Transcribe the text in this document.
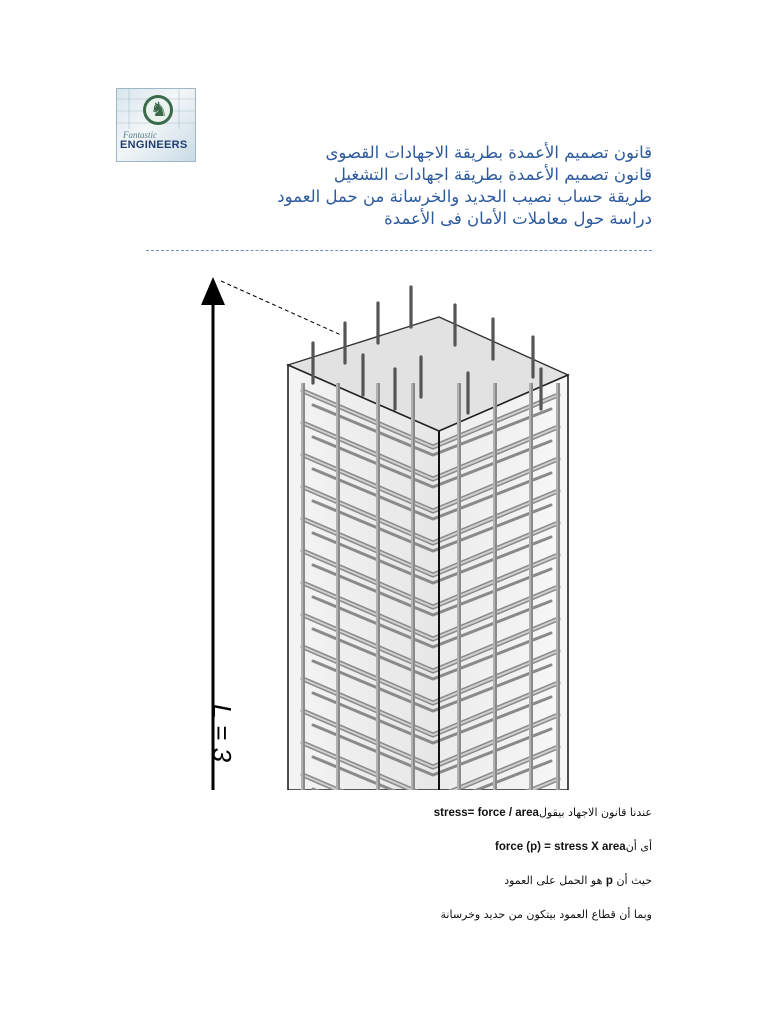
♞
Fantastic
ENGINEERS	قانون تصميم الأعمدة بطريقة الاجهادات القصوى
قانون تصميم الأعمدة بطريقة اجهادات التشغيل
طريقة حساب نصيب الحديد والخرسانة من حمل العمود
دراسة حول معاملات الأمان فى الأعمدة
L = 3
عندنا قانون الاجهاد بيقولstress= force / area
أى أنforce (p) = stress X area
حيث أن p هو الحمل على العمود
وبما أن قطاع العمود بيتكون من حديد وخرسانة
